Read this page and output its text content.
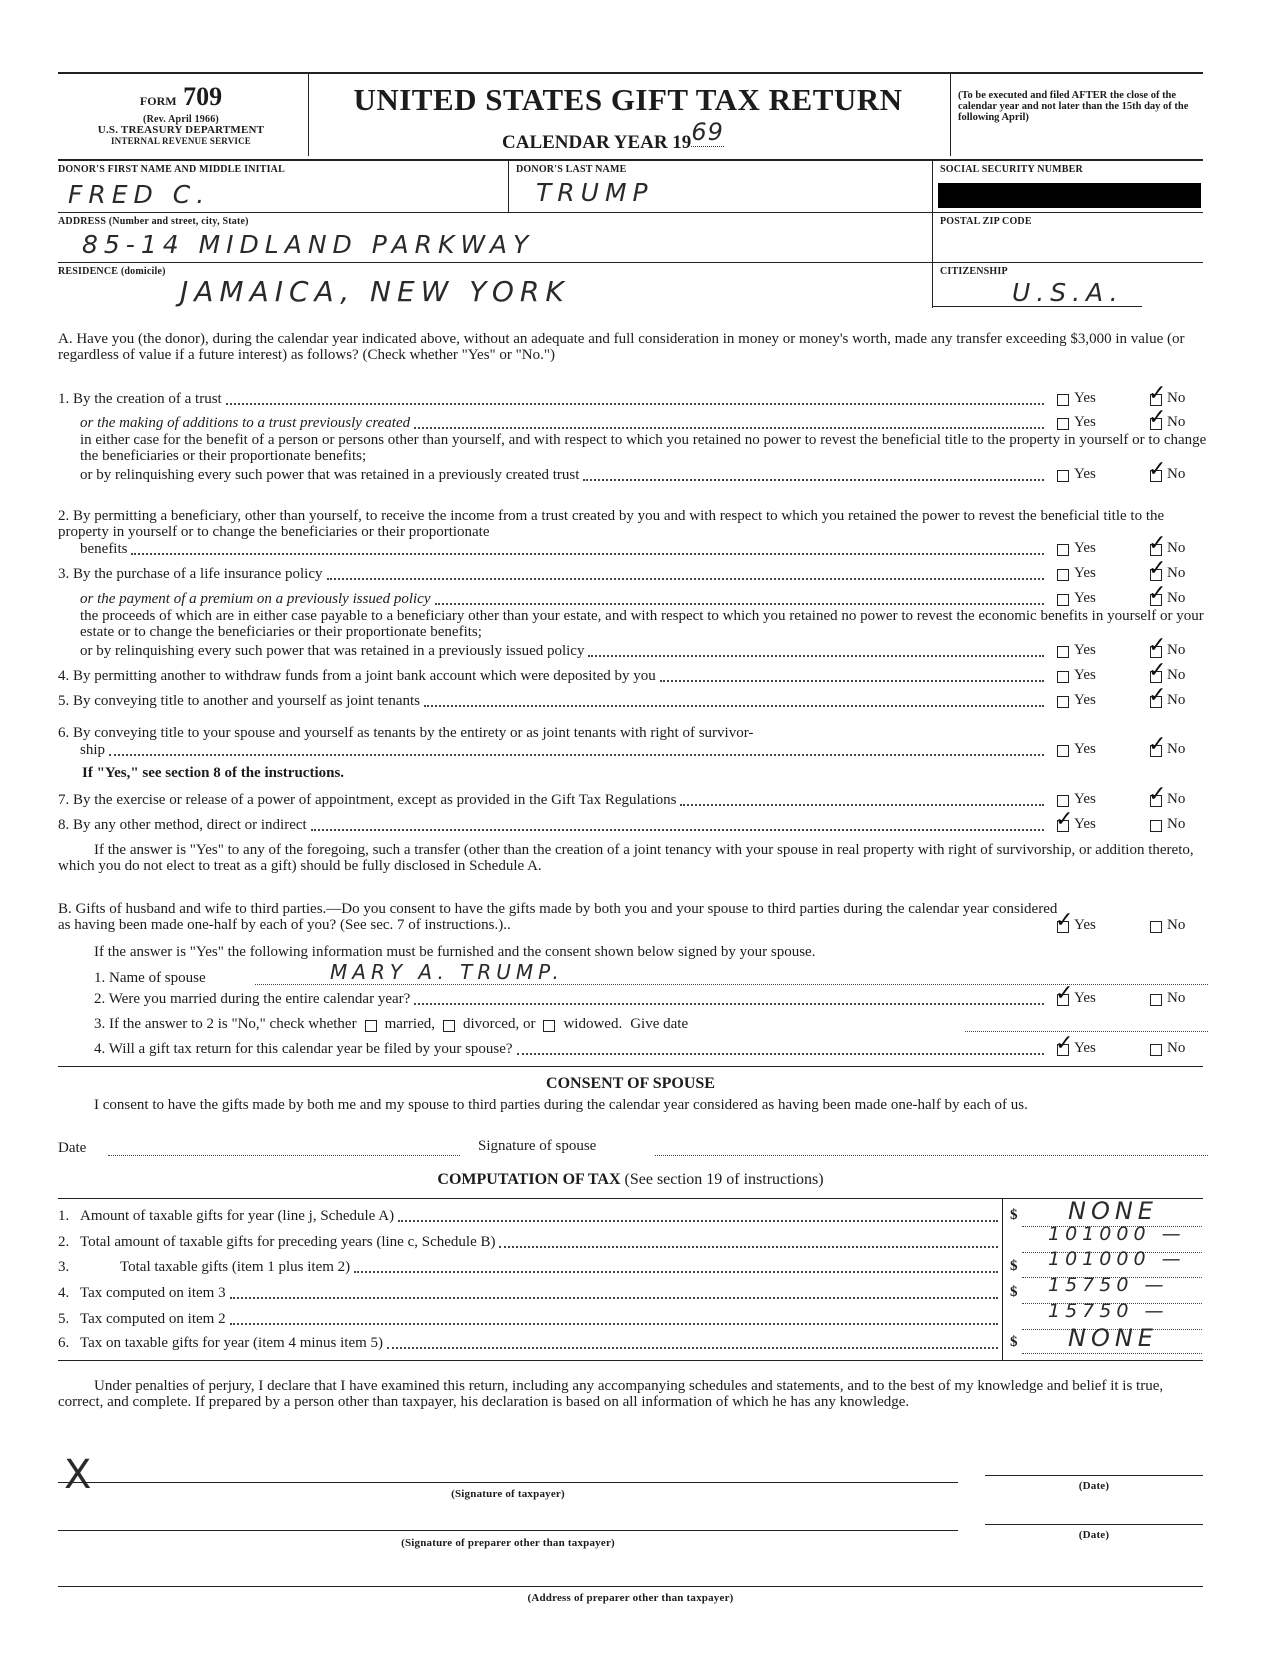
FORM 709
(Rev. April 1966)
U.S. TREASURY DEPARTMENT
INTERNAL REVENUE SERVICE
UNITED STATES GIFT TAX RETURN
CALENDAR YEAR 1969
(To be executed and filed AFTER the close of the calendar year and not later than the 15th day of the following April)
DONOR'S FIRST NAME AND MIDDLE INITIAL
FRED C.
DONOR'S LAST NAME
TRUMP
SOCIAL SECURITY NUMBER
ADDRESS (Number and street, city, State)
85-14 MIDLAND PARKWAY
POSTAL ZIP CODE
RESIDENCE (domicile)
JAMAICA, NEW YORK
CITIZENSHIP
U.S.A.
A. Have you (the donor), during the calendar year indicated above, without an adequate and full consideration in money or money's worth, made any transfer exceeding $3,000 in value (or regardless of value if a future interest) as follows? (Check whether "Yes" or "No.")
1. By the creation of a trust	Yes ✓	No
or the making of additions to a trust previously created	Yes ✓	No
in either case for the benefit of a person or persons other than yourself, and with respect to which you retained no power to revest the beneficial title to the property in yourself or to change the beneficiaries or their proportionate benefits;
or by relinquishing every such power that was retained in a previously created trust	Yes ✓	No
2. By permitting a beneficiary, other than yourself, to receive the income from a trust created by you and with respect to which you retained the power to revest the beneficial title to the property in yourself or to change the beneficiaries or their proportionate
benefits	Yes ✓	No
3. By the purchase of a life insurance policy	Yes ✓	No
or the payment of a premium on a previously issued policy	Yes ✓	No
the proceeds of which are in either case payable to a beneficiary other than your estate, and with respect to which you retained no power to revest the economic benefits in yourself or your estate or to change the beneficiaries or their proportionate benefits;
or by relinquishing every such power that was retained in a previously issued policy	Yes ✓	No
4. By permitting another to withdraw funds from a joint bank account which were deposited by you	Yes ✓	No
5. By conveying title to another and yourself as joint tenants	Yes ✓	No
6. By conveying title to your spouse and yourself as tenants by the entirety or as joint tenants with right of survivor-
ship	Yes ✓	No
If "Yes," see section 8 of the instructions.
7. By the exercise or release of a power of appointment, except as provided in the Gift Tax Regulations	Yes ✓	No
8. By any other method, direct or indirect ✓	Yes	No
If the answer is "Yes" to any of the foregoing, such a transfer (other than the creation of a joint tenancy with your spouse in real property with right of survivorship, or addition thereto, which you do not elect to treat as a gift) should be fully disclosed in Schedule A.
B. Gifts of husband and wife to third parties.—Do you consent to have the gifts made by both you and your spouse to third parties during the calendar year considered as having been made one-half by each of you? (See sec. 7 of instructions.).. ✓	Yes	No
If the answer is "Yes" the following information must be furnished and the consent shown below signed by your spouse.
1. Name of spouse	MARY A. TRUMP.
2. Were you married during the entire calendar year? ✓	Yes	No
3. If the answer to 2 is "No," check whether married, divorced, or widowed. Give date
4. Will a gift tax return for this calendar year be filed by your spouse? ✓	Yes	No
CONSENT OF SPOUSE
I consent to have the gifts made by both me and my spouse to third parties during the calendar year considered as having been made one-half by each of us.
Date	Signature of spouse
COMPUTATION OF TAX (See section 19 of instructions)
1. Amount of taxable gifts for year (line j, Schedule A)	$ NONE
2. Total amount of taxable gifts for preceding years (line c, Schedule B)	101000 —
3.	Total taxable gifts (item 1 plus item 2)	$ 101000 —
4. Tax computed on item 3	$ 15750 —
5. Tax computed on item 2	15750 —
6. Tax on taxable gifts for year (item 4 minus item 5)	$ NONE
Under penalties of perjury, I declare that I have examined this return, including any accompanying schedules and statements, and to the best of my knowledge and belief it is true, correct, and complete. If prepared by a person other than taxpayer, his declaration is based on all information of which he has any knowledge.
X	(Signature of taxpayer)
(Date)
(Signature of preparer other than taxpayer)
(Date)
(Address of preparer other than taxpayer)
